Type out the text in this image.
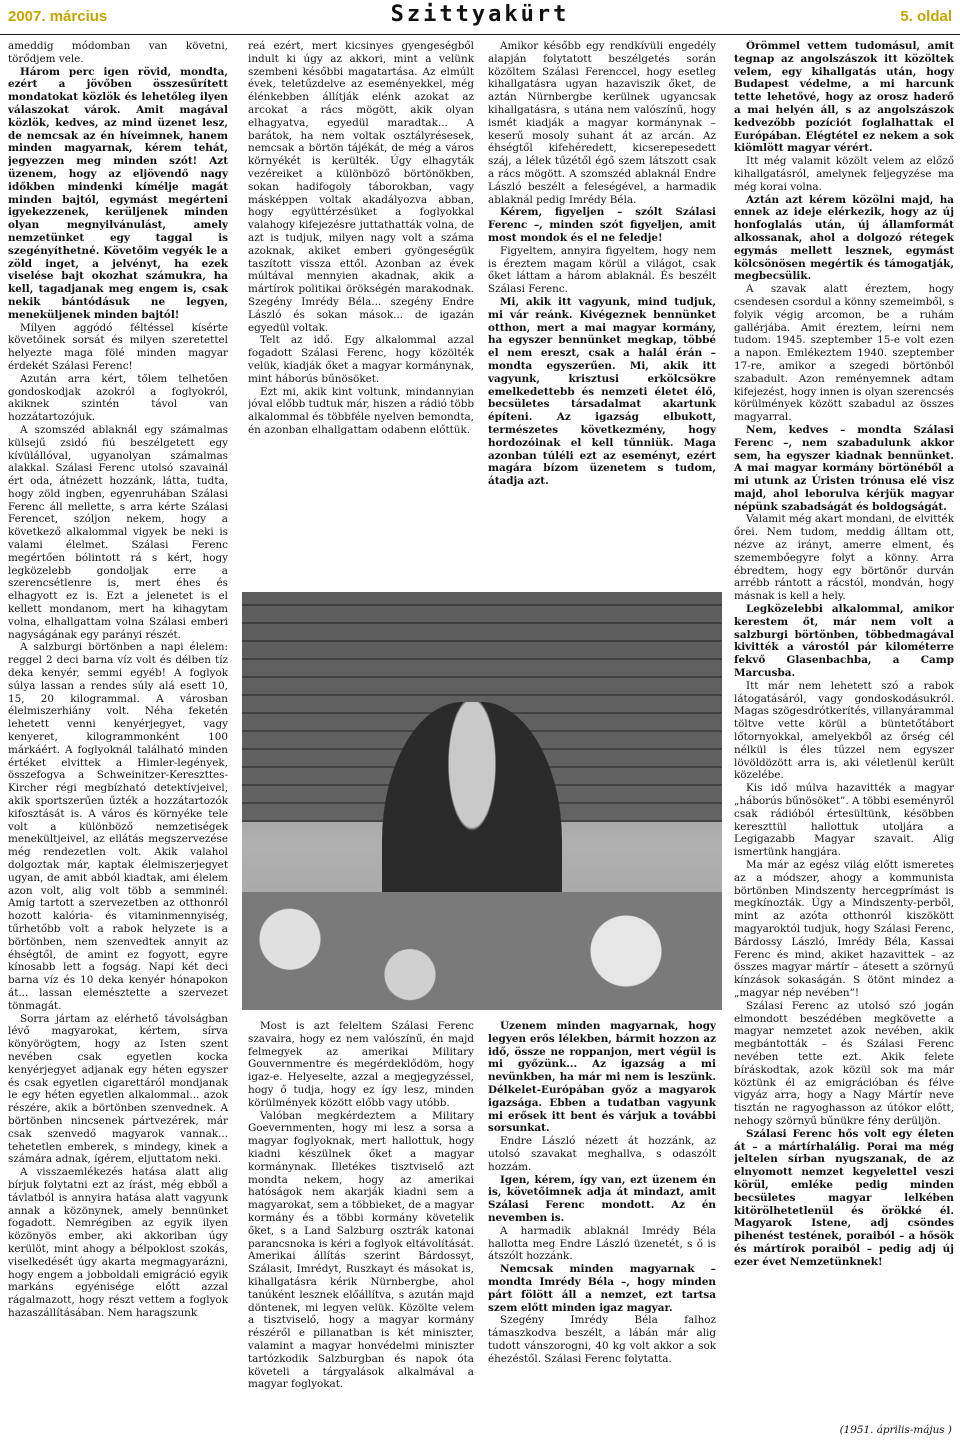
2007. március	Szittyakürt	5. oldal

ameddig módomban van követni, törődjem vele.

Három perc igen rövid, mondta, ezért a jövőben összesűrített mondatokat közlök és lehetőleg ilyen válaszokat várok. Amit magával közlök, kedves, az mind üzenet lesz, de nemcsak az én híveimnek, hanem minden magyarnak, kérem tehát, jegyezzen meg minden szót! Azt üzenem, hogy az eljövendő nagy időkben mindenki kímélje magát minden bajtól, egymást megérteni igyekezzenek, kerüljenek minden olyan megnyilvánulást, amely nemzetünket egy taggal is szegényíthetné. Követőim vegyék le a zöld inget, a jelvényt, ha ezek viselése bajt okozhat számukra, ha kell, tagadjanak meg engem is, csak nekik bántódásuk ne legyen, meneküljenek minden bajtól!

Milyen aggódó féltéssel kísérte követőinek sorsát és milyen szeretettel helyezte maga fölé minden magyar érdekét Szálasi Ferenc!

Azután arra kért, tőlem telhetően gondoskodjak azokról a foglyokról, akiknek szintén távol van hozzátartozójuk.

A szomszéd ablaknál egy számalmas külsejű zsidó fiú beszélgetett egy kívülállóval, ugyanolyan számalmas alakkal. Szálasi Ferenc utolsó szavainál ért oda, átnézett hozzánk, látta, tudta, hogy zöld ingben, egyenruhában Szálasi Ferenc áll mellette, s arra kérte Szálasi Ferencet, szóljon nekem, hogy a következő alkalommal vigyek be neki is valami élelmet. Szálasi Ferenc megértően bólintott rá s kért, hogy legközelebb gondoljak erre a szerencsétlenre is, mert éhes és elhagyott ez is. Ezt a jelenetet is el kellett mondanom, mert ha kihagytam volna, elhallgattam volna Szálasi emberi nagyságának egy parányi részét.

A salzburgi börtönben a napi élelem: reggel 2 deci barna víz volt és délben tíz deka kenyér, semmi egyéb! A foglyok súlya lassan a rendes súly alá esett 10, 15, 20 kilogrammal. A városban élelmiszerhiány volt. Néha feketén lehetett venni kenyérjegyet, vagy kenyeret, kilogrammonként 100 márkáért. A foglyoknál található minden értéket elvittek a Himler-legények, összefogva a Schweinitzer-Kereszttes-Kircher régi megbízható detektívjeivel, akik sportszerűen űzték a hozzátartozók kifosztását is. A város és környéke tele volt a különböző nemzetiségek menekültjeivel, az ellátás megszervezése még rendezetlen volt. Akik valahol dolgoztak már, kaptak élelmiszerjegyet ugyan, de amit abból kiadtak, ami élelem azon volt, alig volt több a semminél. Amíg tartott a szervezetben az otthonról hozott kalória- és vitaminmennyiség, tűrhetőbb volt a rabok helyzete is a börtönben, nem szenvedtek annyit az éhségtől, de amint ez fogyott, egyre kínosabb lett a fogság. Napi két deci barna víz és 10 deka kenyér hónapokon át... lassan elemésztette a szervezet tönmagát.

Sorra jártam az elérhető távolságban lévő magyarokat, kértem, sírva könyörögtem, hogy az Isten szent nevében csak egyetlen kocka kenyérjegyet adjanak egy héten egyszer és csak egyetlen cigarettáról mondjanak le egy héten egyetlen alkalommal... azok részére, akik a börtönben szenvednek. A börtönben nincsenek pártvezérek, már csak szenvedő magyarok vannak... tehetetlen emberek, s mindegy, kinek a számára adnak, ígérem, eljuttatom neki.

A visszaemlékezés hatása alatt alig bírjuk folytatni ezt az írást, még ebből a távlatból is annyira hatása alatt vagyunk annak a közönynek, amely bennünket fogadott. Nemrégiben az egyik ilyen közönyös ember, aki akkoriban úgy kerülöt, mint ahogy a bélpoklost szokás, viselkedését úgy akarta megmagyarázni, hogy engem a jobboldali emigráció egyik markáns egyénisége előtt azzal rágalmazott, hogy részt vettem a foglyok hazaszállításában. Nem haragszunk

reá ezért, mert kicsinyes gyengeségből indult ki úgy az akkori, mint a velünk szembeni későbbi magatartása. Az elmúlt évek, teletűzdelve az eseményekkel, még élénkebben állítják elénk azokat az arcokat a rács mögött, akik olyan elhagyatva, egyedül maradtak... A barátok, ha nem voltak osztályrésesek, nemcsak a börtön tájékát, de még a város környékét is kerülték. Úgy elhagyták vezéreiket a különböző börtönökben, sokan hadifogoly táborokban, vagy másképpen voltak akadályozva abban, hogy együttérzésüket a foglyokkal valahogy kifejezésre juttathatták volna, de azt is tudjuk, milyen nagy volt a száma azoknak, akiket emberi gyöngeségük taszított vissza ettől. Azonban az évek múltával mennyien akadnak, akik a mártírok politikai örökségén marakodnak. Szegény Imrédy Béla... szegény Endre László és sokan mások... de igazán egyedül voltak.

Telt az idő. Egy alkalommal azzal fogadott Szálasi Ferenc, hogy közölték velük, kiadják őket a magyar kormánynak, mint háborús bűnösöket.

Ezt mi, akik kint voltunk, mindannyian jóval előbb tudtuk már, hiszen a rádió több alkalommal és többféle nyelven bemondta, én azonban elhallgattam odabenn előttük.

Amikor később egy rendkívüli engedély alapján folytatott beszélgetés során közöltem Szálasi Ferenccel, hogy esetleg kihallgatásra ugyan hazaviszik őket, de aztán Nürnbergbe kerülnek ugyancsak kihallgatásra, s utána nem valószínű, hogy ismét kiadják a magyar kormánynak – keserű mosoly suhant át az arcán. Az éhségtől kifehéredett, kicserepesedett száj, a lélek tűzétől égő szem látszott csak a rács mögött. A szomszéd ablaknál Endre László beszélt a feleségével, a harmadik ablaknál pedig Imrédy Béla.

Kérem, figyeljen – szólt Szálasi Ferenc –, minden szót figyeljen, amit most mondok és el ne feledje!

Figyeltem, annyira figyeltem, hogy nem is éreztem magam körül a világot, csak őket láttam a három ablaknál. És beszélt Szálasi Ferenc.

Mi, akik itt vagyunk, mind tudjuk, mi vár reánk. Kivégeznek bennünket otthon, mert a mai magyar kormány, ha egyszer bennünket megkap, többé el nem ereszt, csak a halál érán – mondta egyszerűen. Mi, akik itt vagyunk, krisztusi erkölcsökre emelkedettebb és nemzeti életet élő, becsületes társadalmat akartunk építeni. Az igazság elbukott, természetes következmény, hogy hordozóinak el kell tűnniük. Maga azonban túléli ezt az eseményt, ezért magára bízom üzenetem s tudom, átadja azt.

Örömmel vettem tudomásul, amit tegnap az angolszászok itt közöltek velem, egy kihallgatás után, hogy Budapest védelme, a mi harcunk tette lehetővé, hogy az orosz haderő a mai helyén áll, s az angolszászok kedvezőbb pozíciót foglalhattak el Európában. Elégtétel ez nekem a sok kiömlött magyar vérért.

Itt még valamit közölt velem az előző kihallgatásról, amelynek feljegyzése ma még korai volna.

Aztán azt kérem közölni majd, ha ennek az ideje elérkezik, hogy az új honfoglalás után, új államformát alkossanak, ahol a dolgozó rétegek egymás mellett lesznek, egymást kölcsönösen megértik és támogatják, megbecsülik.

A szavak alatt éreztem, hogy csendesen csordul a könny szemeimből, s folyik végig arcomon, be a ruhám gallérjába. Amit éreztem, leírni nem tudom. 1945. szeptember 15-e volt ezen a napon. Emlékeztem 1940. szeptember 17-re, amikor a szegedi börtönből szabadult. Azon reményemnek adtam kifejezést, hogy innen is olyan szerencsés körülmények között szabadul az összes magyarral.

Nem, kedves – mondta Szálasi Ferenc –, nem szabadulunk akkor sem, ha egyszer kiadnak bennünket. A mai magyar kormány börtönéből a mi utunk az Úristen trónusa elé visz majd, ahol leborulva kérjük magyar népünk szabadságát és boldogságát.

Valamit még akart mondani, de elvitték őrei. Nem tudom, meddig álltam ott, nézve az irányt, amerre elment, és szemembőegyre folyt a könny. Arra ébredtem, hogy egy börtönőr durván arrébb rántott a rácstól, mondván, hogy másnak is kell a hely.

Legközelebbi alkalommal, amikor kerestem őt, már nem volt a salzburgi börtönben, többedmagával kivitték a várostól pár kilométerre fekvő Glasenbachba, a Camp Marcusba.

Itt már nem lehetett szó a rabok látogatásáról, vagy gondoskodásukról. Magas szögesdrótkerítés, villanyárammal töltve vette körül a büntetőtábort lőtornyokkal, amelyekből az őrség cél nélkül is éles tűzzel nem egyszer lövöldözött arra is, aki véletlenül került közelébe.

Kis idő múlva hazavitték a magyar „háborús bűnösöket”. A többi eseményről csak rádióból értesültünk, késöbben kereszttül hallottuk utoljára a Legigazabb Magyar szavait. Alig ismertünk hangjára.

Ma már az egész világ előtt ismeretes az a módszer, ahogy a kommunista börtönben Mindszenty hercegprímást is megkínozták. Úgy a Mindszenty-perből, mint az azóta otthonról kiszökött magyaroktól tudjuk, hogy Szálasi Ferenc, Bárdossy László, Imrédy Béla, Kassai Ferenc és mind, akiket hazavittek – az összes magyar mártír – átesett a szörnyű kínzások sokaságán. S ötönt mindez a „magyar nép nevében”!

Szálasi Ferenc az utolsó szó jogán elmondott beszédében megkövette a magyar nemzetet azok nevében, akik megbántották – és Szálasi Ferenc nevében tette ezt. Akik felete bíráskodtak, azok közül sok ma már köztünk él az emigrációban és félve vigyáz arra, hogy a Nagy Mártír neve tisztán ne ragyoghasson az útókor előtt, nehogy szörnyű bűnükre fény derüljön.

Szálasi Ferenc hős volt egy életen át – a mártírhalálig. Porai ma még jeltelen sírban nyugszanak, de az elnyomott nemzet kegyelettel veszi körül, emléke pedig minden becsületes magyar lelkében kitörölhetetlenül és örökké él. Magyarok Istene, adj csöndes pihenést testének, poraiból – a hősök és mártírok poraiból – pedig adj új ezer évet Nemzetünknek!

Most is azt feleltem Szálasi Ferenc szavaira, hogy ez nem valószínű, én majd felmegyek az amerikai Military Gouvernmentre és megérdeklődöm, hogy igaz-e. Helyeselte, azzal a megjegyzéssel, hogy ő tudja, hogy ez így lesz, minden körülmények között előbb vagy utóbb.

Valóban megkérdeztem a Military Goevernmenten, hogy mi lesz a sorsa a magyar foglyoknak, mert hallottuk, hogy kiadni készülnek őket a magyar kormánynak. Illetékes tisztviselő azt mondta nekem, hogy az amerikai hatóságok nem akarják kiadni sem a magyarokat, sem a többieket, de a magyar kormány és a többi kormány követelik őket, s a Land Salzburg osztrák katonai parancsnoka is kéri a foglyok eltávolítását. Amerikai állítás szerint Bárdossyt, Szálasit, Imrédyt, Ruszkayt és másokat is, kihallgatásra kérik Nürnbergbe, ahol tanúként lesznek előállítva, s azután majd döntenek, mi legyen velük. Közölte velem a tisztviselő, hogy a magyar kormány részéről e pillanatban is két miniszter, valamint a magyar honvédelmi miniszter tartózkodik Salzburgban és napok óta követeli a tárgyalások alkalmával a magyar foglyokat.

Üzenem minden magyarnak, hogy legyen erős lélekben, bármit hozzon az idő, össze ne roppanjon, mert végül is mi győzünk... Az igazság a mi nevünkben, ha már mi nem is leszünk. Délkelet-Európában győz a magyarok igazsága. Ebben a tudatban vagyunk mi erősek itt bent és várjuk a további sorsunkat.

Endre László nézett át hozzánk, az utolsó szavakat meghallva, s odaszólt hozzám.

Igen, kérem, így van, ezt üzenem én is, követőimnek adja át mindazt, amit Szálasi Ferenc mondott. Az én nevemben is.

A harmadik ablaknál Imrédy Béla hallotta meg Endre László üzenetét, s ő is átszólt hozzánk.

Nemcsak minden magyarnak – mondta Imrédy Béla –, hogy minden párt fölött áll a nemzet, ezt tartsa szem előtt minden igaz magyar.

Szegény Imrédy Béla falhoz támaszkodva beszélt, a lábán már alig tudott vánszorogni, 40 kg volt akkor a sok éhezéstől. Szálasi Ferenc folytatta.

(1951. április-május )
